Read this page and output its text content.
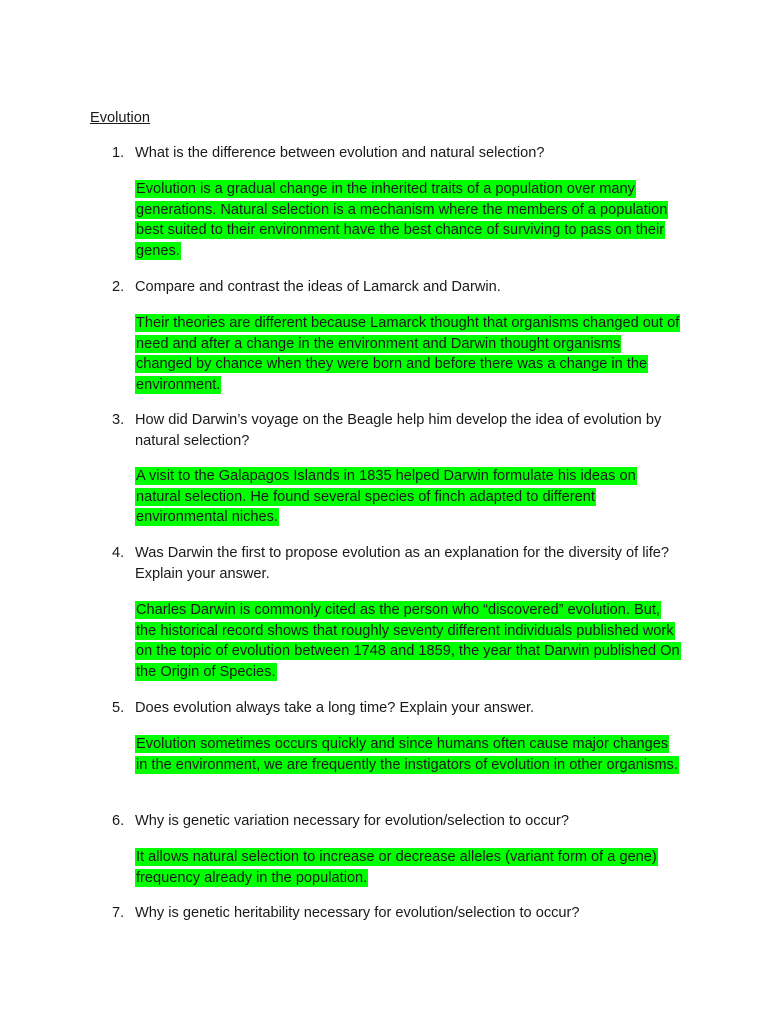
Evolution

1. What is the difference between evolution and natural selection?

Evolution is a gradual change in the inherited traits of a population over many generations. Natural selection is a mechanism where the members of a population best suited to their environment have the best chance of surviving to pass on their genes.

2. Compare and contrast the ideas of Lamarck and Darwin.

Their theories are different because Lamarck thought that organisms changed out of need and after a change in the environment and Darwin thought organisms changed by chance when they were born and before there was a change in the environment.

3. How did Darwin’s voyage on the Beagle help him develop the idea of evolution by natural selection?

A visit to the Galapagos Islands in 1835 helped Darwin formulate his ideas on natural selection. He found several species of finch adapted to different environmental niches.

4. Was Darwin the first to propose evolution as an explanation for the diversity of life? Explain your answer.

Charles Darwin is commonly cited as the person who “discovered” evolution. But, the historical record shows that roughly seventy different individuals published work on the topic of evolution between 1748 and 1859, the year that Darwin published On the Origin of Species.

5. Does evolution always take a long time? Explain your answer.

Evolution sometimes occurs quickly and since humans often cause major changes in the environment, we are frequently the instigators of evolution in other organisms.

6. Why is genetic variation necessary for evolution/selection to occur?

It allows natural selection to increase or decrease alleles (variant form of a gene) frequency already in the population.

7. Why is genetic heritability necessary for evolution/selection to occur?
